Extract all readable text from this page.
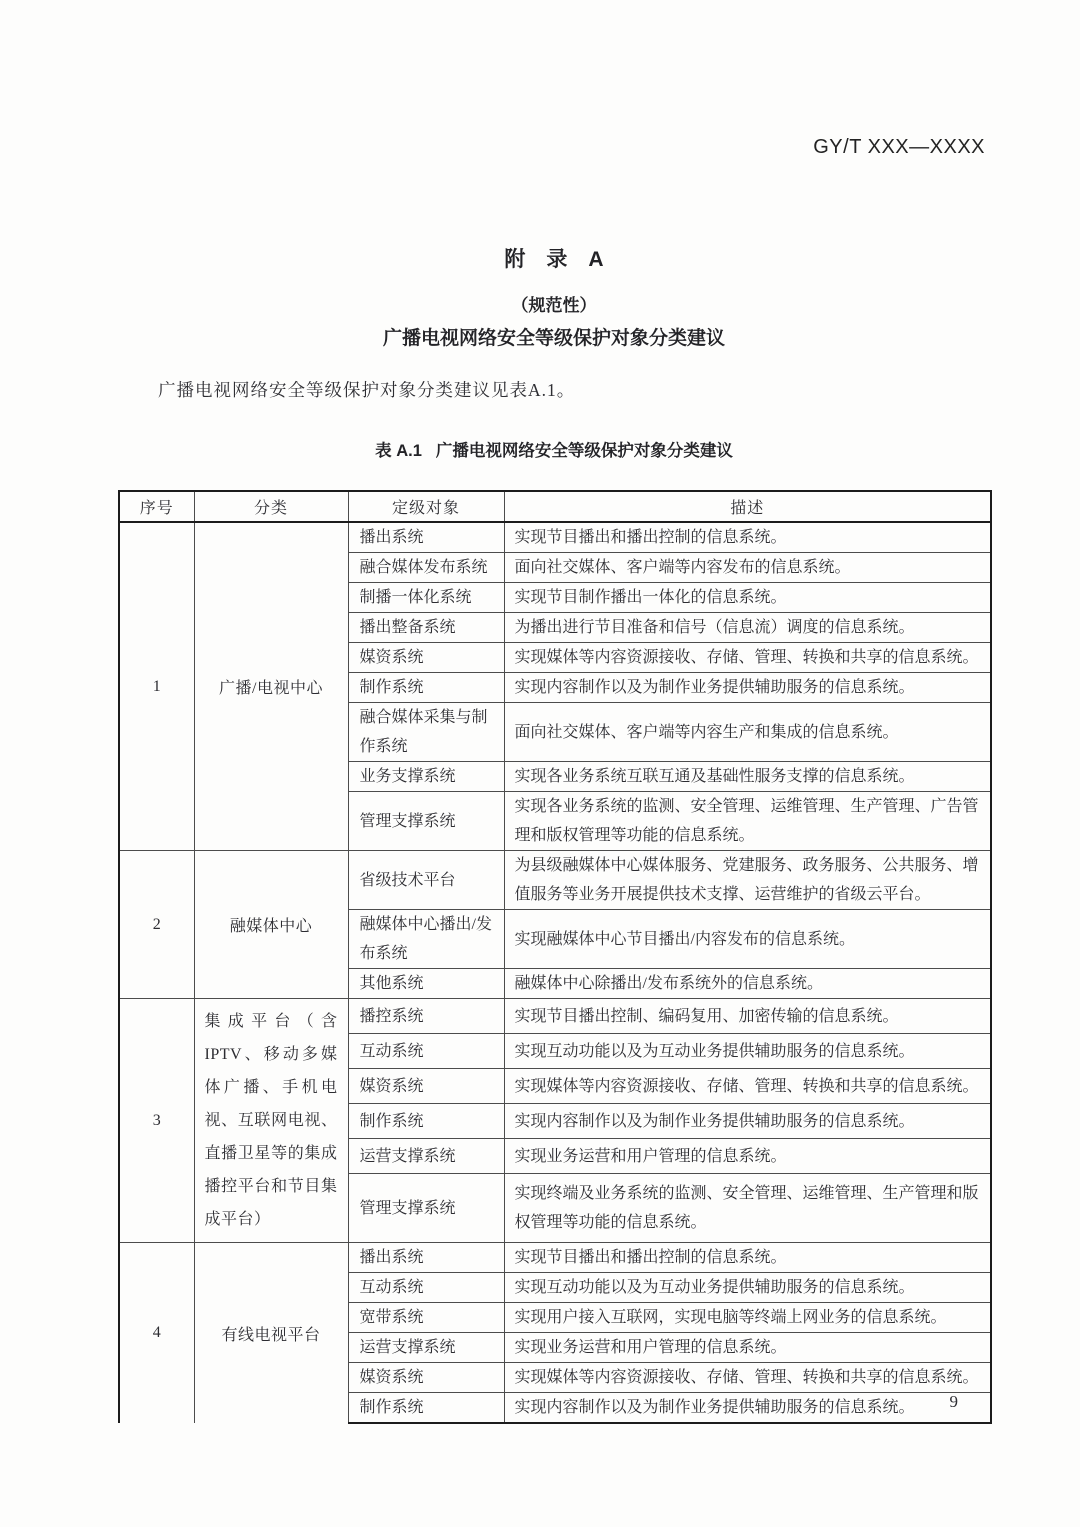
GY/T XXX—XXXX
附　录　A
（规范性）
广播电视网络安全等级保护对象分类建议

广播电视网络安全等级保护对象分类建议见表A.1。

表 A.1 广播电视网络安全等级保护对象分类建议
序号	分类	定级对象	描述
1	广播/电视中心	播出系统	实现节目播出和播出控制的信息系统。
		融合媒体发布系统	面向社交媒体、客户端等内容发布的信息系统。
		制播一体化系统	实现节目制作播出一体化的信息系统。
		播出整备系统	为播出进行节目准备和信号（信息流）调度的信息系统。
		媒资系统	实现媒体等内容资源接收、存储、管理、转换和共享的信息系统。
		制作系统	实现内容制作以及为制作业务提供辅助服务的信息系统。
		融合媒体采集与制作系统	面向社交媒体、客户端等内容生产和集成的信息系统。
		业务支撑系统	实现各业务系统互联互通及基础性服务支撑的信息系统。
		管理支撑系统	实现各业务系统的监测、安全管理、运维管理、生产管理、广告管理和版权管理等功能的信息系统。
2	融媒体中心	省级技术平台	为县级融媒体中心媒体服务、党建服务、政务服务、公共服务、增值服务等业务开展提供技术支撑、运营维护的省级云平台。
		融媒体中心播出/发布系统	实现融媒体中心节目播出/内容发布的信息系统。
		其他系统	融媒体中心除播出/发布系统外的信息系统。
3	集成平台（含 IPTV、移动多媒体广播、手机电视、互联网电视、直播卫星等的集成播控平台和节目集成平台）	播控系统	实现节目播出控制、编码复用、加密传输的信息系统。
		互动系统	实现互动功能以及为互动业务提供辅助服务的信息系统。
		媒资系统	实现媒体等内容资源接收、存储、管理、转换和共享的信息系统。
		制作系统	实现内容制作以及为制作业务提供辅助服务的信息系统。
		运营支撑系统	实现业务运营和用户管理的信息系统。
		管理支撑系统	实现终端及业务系统的监测、安全管理、运维管理、生产管理和版权管理等功能的信息系统。
4	有线电视平台	播出系统	实现节目播出和播出控制的信息系统。
		互动系统	实现互动功能以及为互动业务提供辅助服务的信息系统。
		宽带系统	实现用户接入互联网，实现电脑等终端上网业务的信息系统。
		运营支撑系统	实现业务运营和用户管理的信息系统。
		媒资系统	实现媒体等内容资源接收、存储、管理、转换和共享的信息系统。
		制作系统	实现内容制作以及为制作业务提供辅助服务的信息系统。 9
